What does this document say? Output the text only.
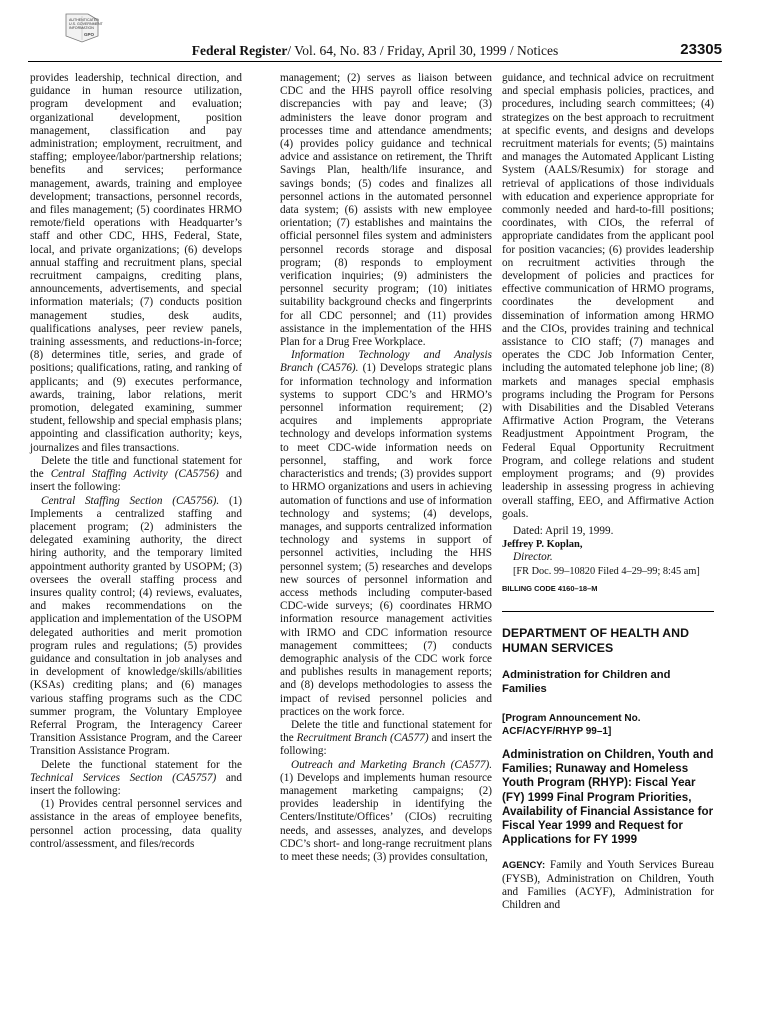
AUTHENTICATED
U.S. GOVERNMENT
INFORMATION
GPO
Federal Register/ Vol. 64, No. 83 / Friday, April 30, 1999 / Notices	23305

provides leadership, technical direction, and guidance in human resource utilization, program development and evaluation; organizational development, position management, classification and pay administration; employment, recruitment, and staffing; employee/labor/partnership relations; benefits and services; performance management, awards, training and employee development; transactions, personnel records, and files management; (5) coordinates HRMO remote/field operations with Headquarter’s staff and other CDC, HHS, Federal, State, local, and private organizations; (6) develops annual staffing and recruitment plans, special recruitment campaigns, crediting plans, announcements, advertisements, and special information materials; (7) conducts position management studies, desk audits, qualifications analyses, peer review panels, training assessments, and reductions-in-force; (8) determines title, series, and grade of positions; qualifications, rating, and ranking of applicants; and (9) executes performance, awards, training, labor relations, merit promotion, delegated examining, summer student, fellowship and special emphasis plans; appointing and classification authority; keys, journalizes and files transactions.

Delete the title and functional statement for the Central Staffing Activity (CA5756) and insert the following:

Central Staffing Section (CA5756). (1) Implements a centralized staffing and placement program; (2) administers the delegated examining authority, the direct hiring authority, and the temporary limited appointment authority granted by USOPM; (3) oversees the overall staffing process and insures quality control; (4) reviews, evaluates, and makes recommendations on the application and implementation of the USOPM delegated authorities and merit promotion program rules and regulations; (5) provides guidance and consultation in job analyses and in development of knowledge/skills/abilities (KSAs) crediting plans; and (6) manages various staffing programs such as the CDC summer program, the Voluntary Employee Referral Program, the Interagency Career Transition Assistance Program, and the Career Transition Assistance Program.

Delete the functional statement for the Technical Services Section (CA5757) and insert the following:

(1) Provides central personnel services and assistance in the areas of employee benefits, personnel action processing, data quality control/assessment, and files/records

management; (2) serves as liaison between CDC and the HHS payroll office resolving discrepancies with pay and leave; (3) administers the leave donor program and processes time and attendance amendments; (4) provides policy guidance and technical advice and assistance on retirement, the Thrift Savings Plan, health/life insurance, and savings bonds; (5) codes and finalizes all personnel actions in the automated personnel data system; (6) assists with new employee orientation; (7) establishes and maintains the official personnel files system and administers personnel records storage and disposal program; (8) responds to employment verification inquiries; (9) administers the personnel security program; (10) initiates suitability background checks and fingerprints for all CDC personnel; and (11) provides assistance in the implementation of the HHS Plan for a Drug Free Workplace.

Information Technology and Analysis Branch (CA576). (1) Develops strategic plans for information technology and information systems to support CDC’s and HRMO’s personnel information requirement; (2) acquires and implements appropriate technology and develops information systems to meet CDC-wide information needs on personnel, staffing, and work force characteristics and trends; (3) provides support to HRMO organizations and users in achieving automation of functions and use of information technology and systems; (4) develops, manages, and supports centralized information technology and systems in support of personnel activities, including the HHS personnel system; (5) researches and develops new sources of personnel information and access methods including computer-based CDC-wide surveys; (6) coordinates HRMO information resource management activities with IRMO and CDC information resource management committees; (7) conducts demographic analysis of the CDC work force and publishes results in management reports; and (8) develops methodologies to assess the impact of revised personnel policies and practices on the work force.

Delete the title and functional statement for the Recruitment Branch (CA577) and insert the following:

Outreach and Marketing Branch (CA577). (1) Develops and implements human resource management marketing campaigns; (2) provides leadership in identifying the Centers/Institute/Offices’ (CIOs) recruiting needs, and assesses, analyzes, and develops CDC’s short- and long-range recruitment plans to meet these needs; (3) provides consultation,

guidance, and technical advice on recruitment and special emphasis policies, practices, and procedures, including search committees; (4) strategizes on the best approach to recruitment at specific events, and designs and develops recruitment materials for events; (5) maintains and manages the Automated Applicant Listing System (AALS/Resumix) for storage and retrieval of applications of those individuals with education and experience appropriate for commonly needed and hard-to-fill positions; coordinates, with CIOs, the referral of appropriate candidates from the applicant pool for position vacancies; (6) provides leadership on recruitment activities through the development of policies and practices for effective communication of HRMO programs, coordinates the development and dissemination of information among HRMO and the CIOs, provides training and technical assistance to CIO staff; (7) manages and operates the CDC Job Information Center, including the automated telephone job line; (8) markets and manages special emphasis programs including the Program for Persons with Disabilities and the Disabled Veterans Affirmative Action Program, the Veterans Readjustment Appointment Program, the Federal Equal Opportunity Recruitment Program, and college relations and student employment programs; and (9) provides leadership in assessing progress in achieving overall staffing, EEO, and Affirmative Action goals.

Dated: April 19, 1999.

Jeffrey P. Koplan,

Director.

[FR Doc. 99–10820 Filed 4–29–99; 8:45 am]

BILLING CODE 4160–18–M

DEPARTMENT OF HEALTH AND HUMAN SERVICES

Administration for Children and Families

[Program Announcement No. ACF/ACYF/RHYP 99–1]

Administration on Children, Youth and Families; Runaway and Homeless Youth Program (RHYP): Fiscal Year (FY) 1999 Final Program Priorities, Availability of Financial Assistance for Fiscal Year 1999 and Request for Applications for FY 1999

AGENCY: Family and Youth Services Bureau (FYSB), Administration on Children, Youth and Families (ACYF), Administration for Children and
